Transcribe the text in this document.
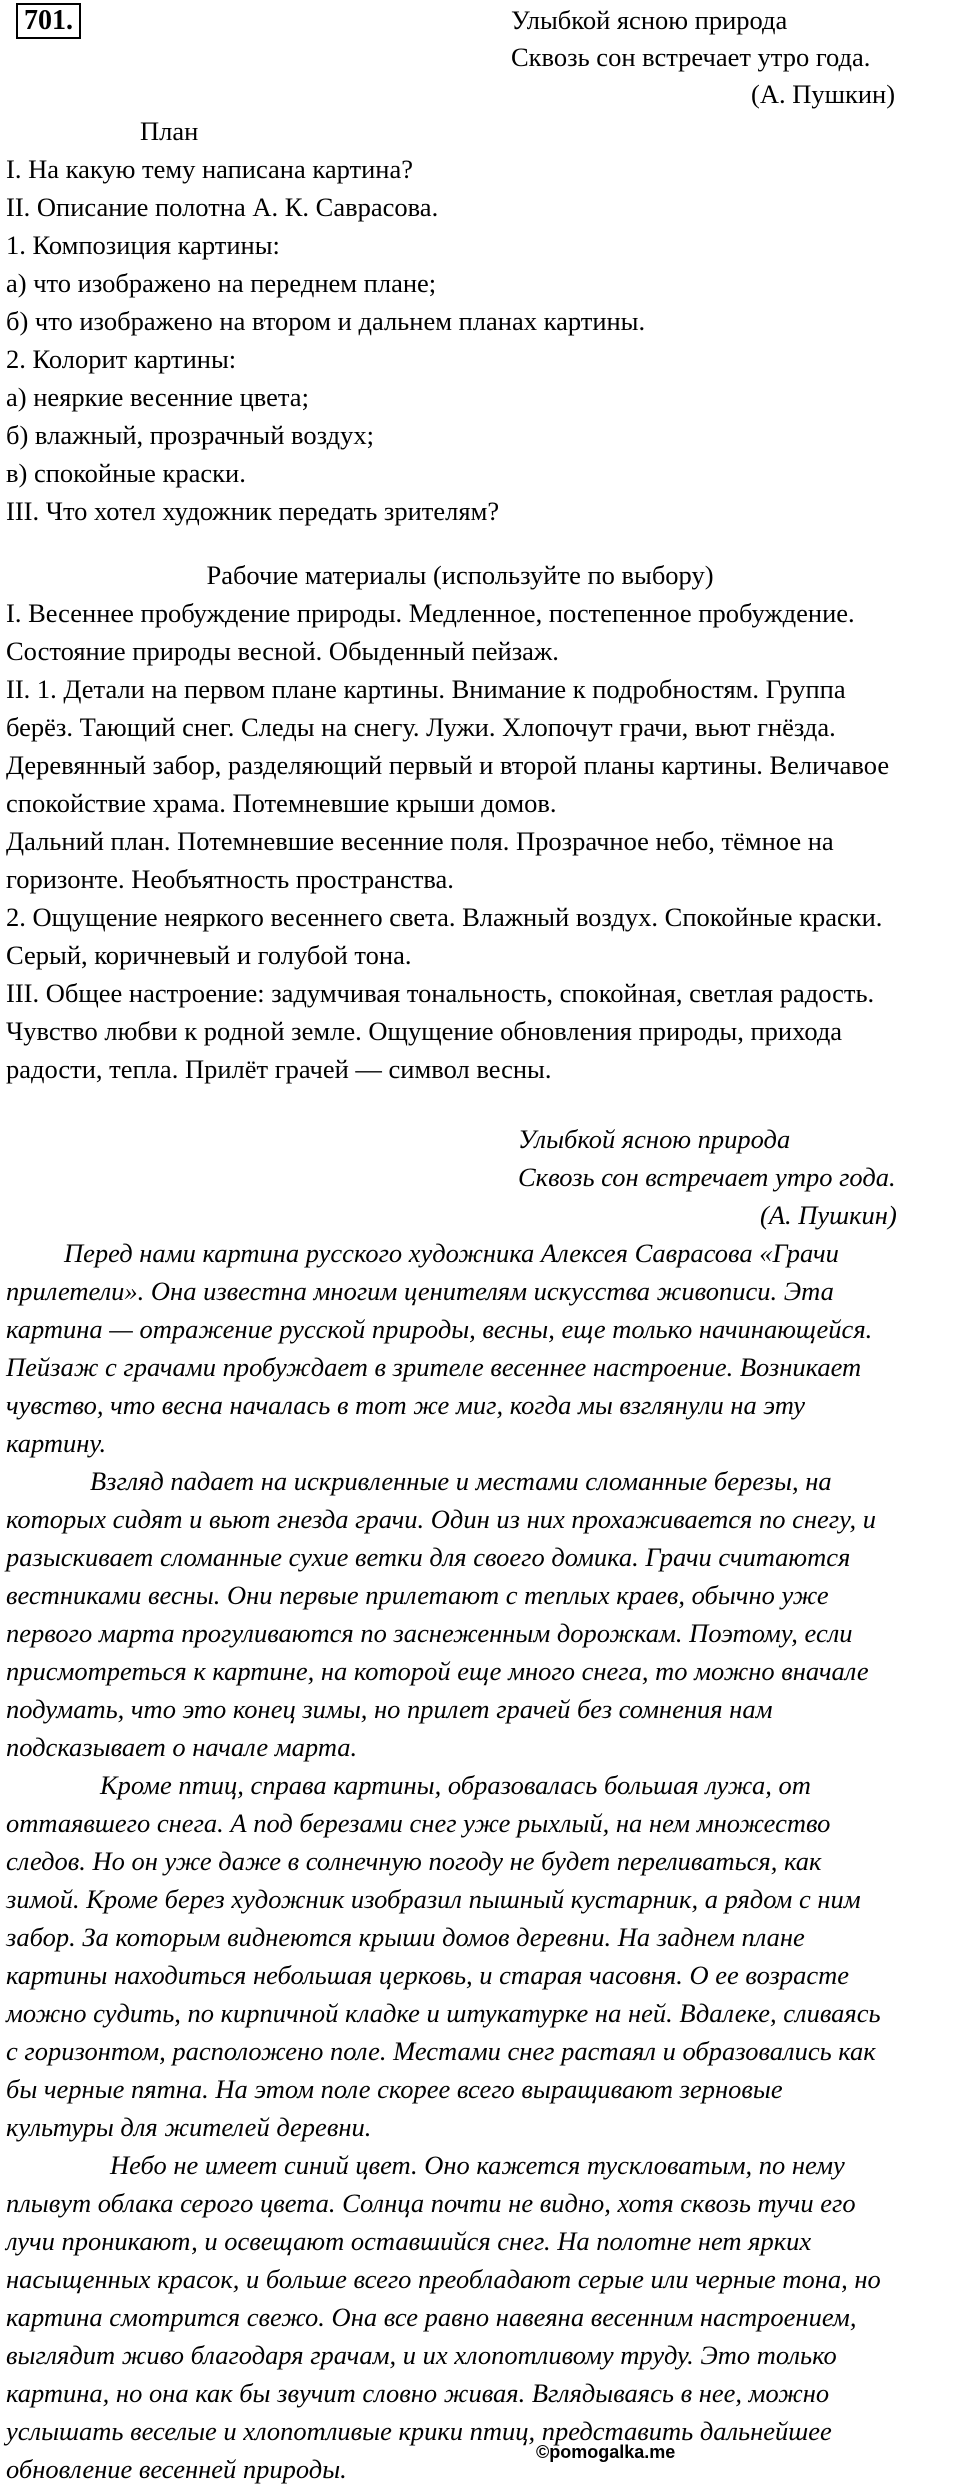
701.	Улыбкой ясною природа
Сквозь сон встречает утро года.
(А. Пушкин)
План
I. На какую тему написана картина?
II. Описание полотна А. К. Саврасова.
1. Композиция картины:
а) что изображено на переднем плане;
б) что изображено на втором и дальнем планах картины.
2. Колорит картины:
а) неяркие весенние цвета;
б) влажный, прозрачный воздух;
в) спокойные краски.
III. Что хотел художник передать зрителям?
Рабочие материалы (используйте по выбору)
I. Весеннее пробуждение природы. Медленное, постепенное пробуждение.
Состояние природы весной. Обыденный пейзаж.
II. 1. Детали на первом плане картины. Внимание к подробностям. Группа
берёз. Тающий снег. Следы на снегу. Лужи. Хлопочут грачи, вьют гнёзда.
Деревянный забор, разделяющий первый и второй планы картины. Величавое
спокойствие храма. Потемневшие крыши домов.
Дальний план. Потемневшие весенние поля. Прозрачное небо, тёмное на
горизонте. Необъятность пространства.
2. Ощущение неяркого весеннего света. Влажный воздух. Спокойные краски.
Серый, коричневый и голубой тона.
III. Общее настроение: задумчивая тональность, спокойная, светлая радость.
Чувство любви к родной земле. Ощущение обновления природы, прихода
радости, тепла. Прилёт грачей — символ весны.
Улыбкой ясною природа
Сквозь сон встречает утро года.
(А. Пушкин)
Перед нами картина русского художника Алексея Саврасова «Грачи
прилетели». Она известна многим ценителям искусства живописи. Эта
картина — отражение русской природы, весны, еще только начинающейся.
Пейзаж с грачами пробуждает в зрителе весеннее настроение. Возникает
чувство, что весна началась в тот же миг, когда мы взглянули на эту
картину.
Взгляд падает на искривленные и местами сломанные березы, на
которых сидят и вьют гнезда грачи. Один из них прохаживается по снегу, и
разыскивает сломанные сухие ветки для своего домика. Грачи считаются
вестниками весны. Они первые прилетают с теплых краев, обычно уже
первого марта прогуливаются по заснеженным дорожкам. Поэтому, если
присмотреться к картине, на которой еще много снега, то можно вначале
подумать, что это конец зимы, но прилет грачей без сомнения нам
подсказывает о начале марта.
Кроме птиц, справа картины, образовалась большая лужа, от
оттаявшего снега. А под березами снег уже рыхлый, на нем множество
следов. Но он уже даже в солнечную погоду не будет переливаться, как
зимой. Кроме берез художник изобразил пышный кустарник, а рядом с ним
забор. За которым виднеются крыши домов деревни. На заднем плане
картины находиться небольшая церковь, и старая часовня. О ее возрасте
можно судить, по кирпичной кладке и штукатурке на ней. Вдалеке, сливаясь
с горизонтом, расположено поле. Местами снег растаял и образовались как
бы черные пятна. На этом поле скорее всего выращивают зерновые
культуры для жителей деревни.
Небо не имеет синий цвет. Оно кажется тускловатым, по нему
плывут облака серого цвета. Солнца почти не видно, хотя сквозь тучи его
лучи проникают, и освещают оставшийся снег. На полотне нет ярких
насыщенных красок, и больше всего преобладают серые или черные тона, но
картина смотрится свежо. Она все равно навеяна весенним настроением,
выглядит живо благодаря грачам, и их хлопотливому труду. Это только
картина, но она как бы звучит словно живая. Вглядываясь в нее, можно
услышать веселые и хлопотливые крики птиц, представить дальнейшее
обновление весенней природы.
©pomogalka.me
